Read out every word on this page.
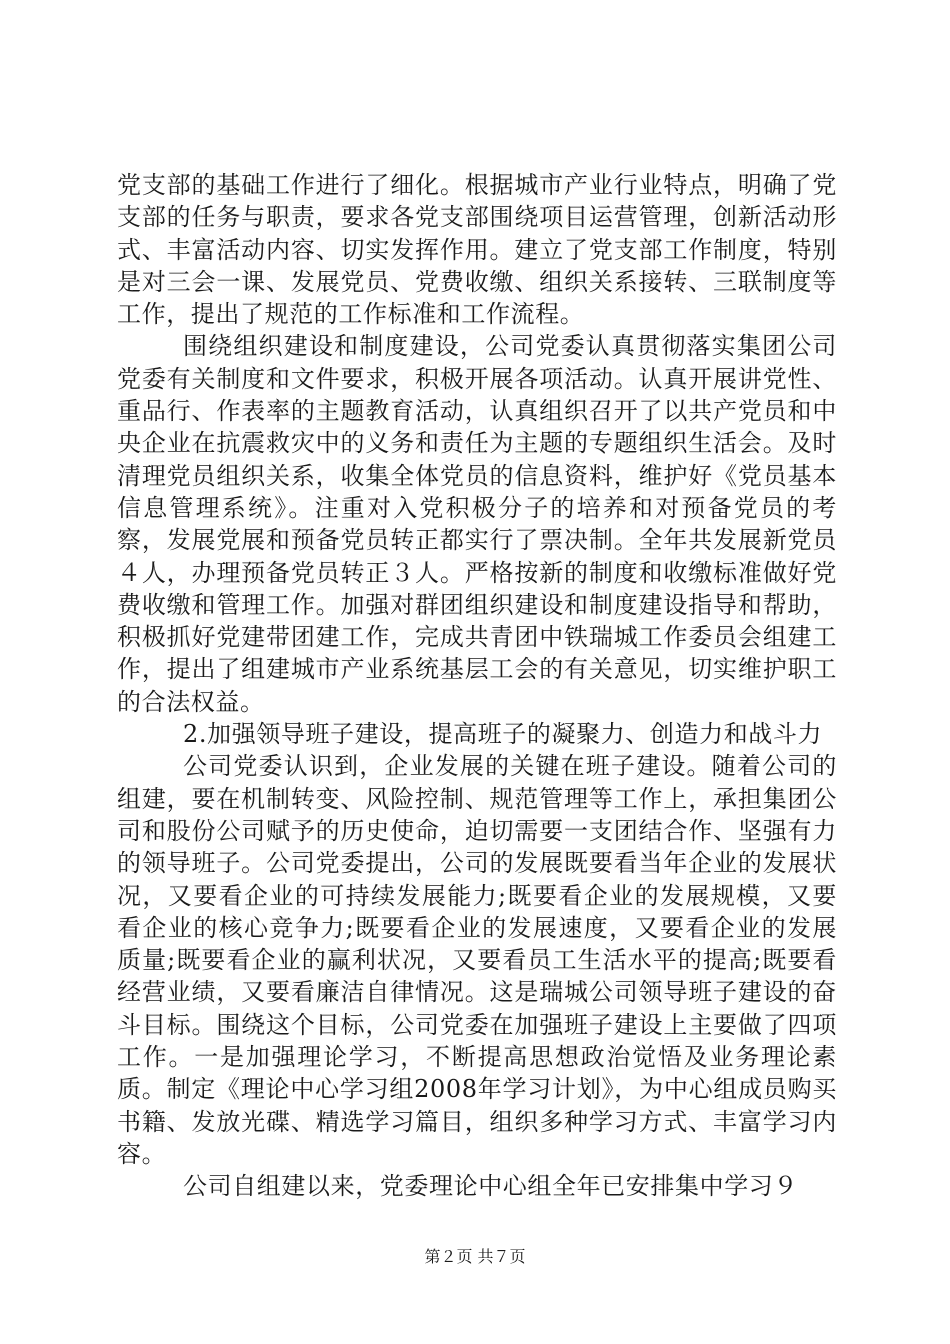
党支部的基础工作进行了细化。根据城市产业行业特点，明确了党支部的任务与职责，要求各党支部围绕项目运营管理，创新活动形式、丰富活动内容、切实发挥作用。建立了党支部工作制度，特别是对三会一课、发展党员、党费收缴、组织关系接转、三联制度等工作，提出了规范的工作标准和工作流程。

围绕组织建设和制度建设，公司党委认真贯彻落实集团公司党委有关制度和文件要求，积极开展各项活动。认真开展讲党性、重品行、作表率的主题教育活动，认真组织召开了以共产党员和中央企业在抗震救灾中的义务和责任为主题的专题组织生活会。及时清理党员组织关系，收集全体党员的信息资料，维护好《党员基本信息管理系统》。注重对入党积极分子的培养和对预备党员的考察，发展党展和预备党员转正都实行了票决制。全年共发展新党员４人，办理预备党员转正３人。严格按新的制度和收缴标准做好党费收缴和管理工作。加强对群团组织建设和制度建设指导和帮助，积极抓好党建带团建工作，完成共青团中铁瑞城工作委员会组建工作，提出了组建城市产业系统基层工会的有关意见，切实维护职工的合法权益。

2.加强领导班子建设，提高班子的凝聚力、创造力和战斗力

公司党委认识到，企业发展的关键在班子建设。随着公司的组建，要在机制转变、风险控制、规范管理等工作上，承担集团公司和股份公司赋予的历史使命，迫切需要一支团结合作、坚强有力的领导班子。公司党委提出，公司的发展既要看当年企业的发展状况，又要看企业的可持续发展能力;既要看企业的发展规模，又要看企业的核心竞争力;既要看企业的发展速度，又要看企业的发展质量;既要看企业的赢利状况，又要看员工生活水平的提高;既要看经营业绩，又要看廉洁自律情况。这是瑞城公司领导班子建设的奋斗目标。围绕这个目标，公司党委在加强班子建设上主要做了四项工作。一是加强理论学习，不断提高思想政治觉悟及业务理论素质。制定《理论中心学习组2008年学习计划》，为中心组成员购买书籍、发放光碟、精选学习篇目，组织多种学习方式、丰富学习内容。

公司自组建以来，党委理论中心组全年已安排集中学习９

第２页 共７页
